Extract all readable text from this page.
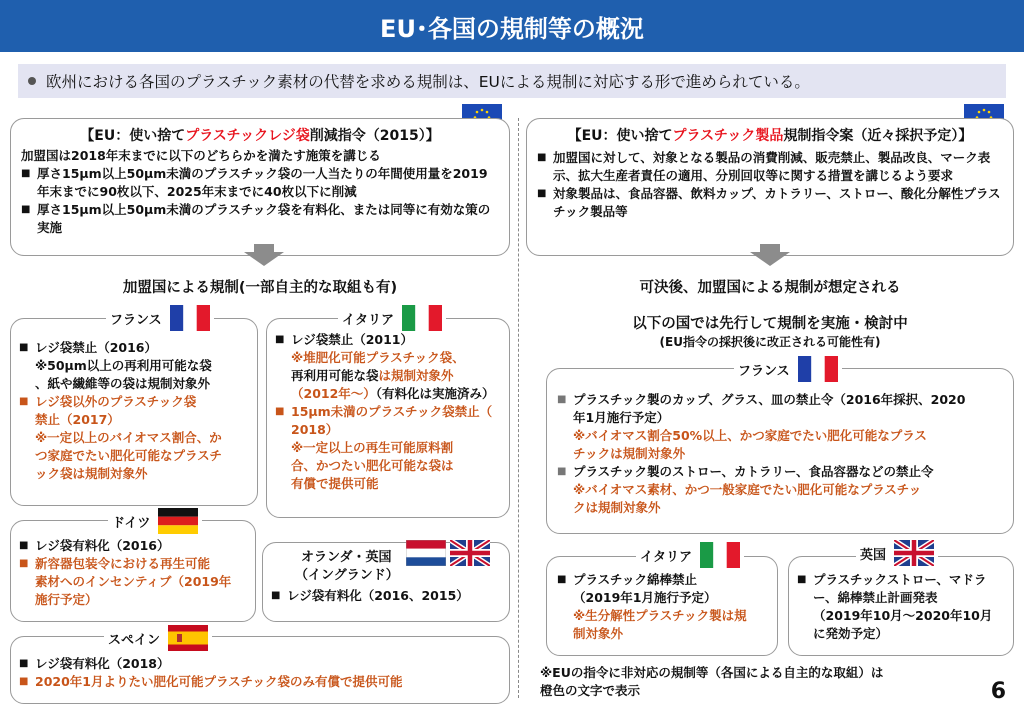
EU･各国の規制等の概況
欧州における各国のプラスチック素材の代替を求める規制は、EUによる規制に対応する形で進められている。
【EU：使い捨てプラスチックレジ袋削減指令（2015）】
加盟国は2018年末までに以下のどちらかを満たす施策を講じる
■ 厚さ15μm以上50μm未満のプラスチック袋の一人当たりの年間使用量を2019年末までに90枚以下、2025年末までに40枚以下に削減
■ 厚さ15μm以上50μm未満のプラスチック袋を有料化、または同等に有効な策の実施
【EU：使い捨てプラスチック製品規制指令案（近々採択予定）】
■ 加盟国に対して、対象となる製品の消費削減、販売禁止、製品改良、マーク表示、拡大生産者責任の適用、分別回収等に関する措置を講じるよう要求
■ 対象製品は、食品容器、飲料カップ、カトラリー、ストロー、酸化分解性プラスチック製品等
加盟国による規制(一部自主的な取組も有)	可決後、加盟国による規制が想定される
以下の国では先行して規制を実施・検討中
(EU指令の採択後に改正される可能性有)
■ レジ袋禁止（2016）
※50μm以上の再利用可能な袋
、紙や繊維等の袋は規制対象外
■ レジ袋以外のプラスチック袋
禁止（2017）
※一定以上のバイオマス割合、か
つ家庭でたい肥化可能なプラスチ
ック袋は規制対象外
フランス
■ レジ袋禁止（2011）
※堆肥化可能プラスチック袋、
再利用可能な袋は規制対象外
（2012年～）（有料化は実施済み）
■ 15μm未満のプラスチック袋禁止（
2018）
※一定以上の再生可能原料割
合、かつたい肥化可能な袋は
有償で提供可能
イタリア
■ レジ袋有料化（2016）
■ 新容器包装令における再生可能
素材へのインセンティブ（2019年
施行予定）
ドイツ
オランダ・英国
（イングランド）
■ レジ袋有料化（2016、2015）
■ レジ袋有料化（2018）
■ 2020年1月よりたい肥化可能プラスチック袋のみ有償で提供可能
スペイン
■ プラスチック製のカップ、グラス、皿の禁止令（2016年採択、2020
年1月施行予定）
※バイオマス割合50%以上、かつ家庭でたい肥化可能なプラス
チックは規制対象外
■ プラスチック製のストロー、カトラリー、食品容器などの禁止令
※バイオマス素材、かつ一般家庭でたい肥化可能なプラスチッ
クは規制対象外
フランス
■ プラスチック綿棒禁止
（2019年1月施行予定）
※生分解性プラスチック製は規
制対象外
イタリア
■ プラスチックストロー、マドラ
ー、綿棒禁止計画発表
（2019年10月～2020年10月
に発効予定）
英国
※EUの指令に非対応の規制等（各国による自主的な取組）は
橙色の文字で表示	6
